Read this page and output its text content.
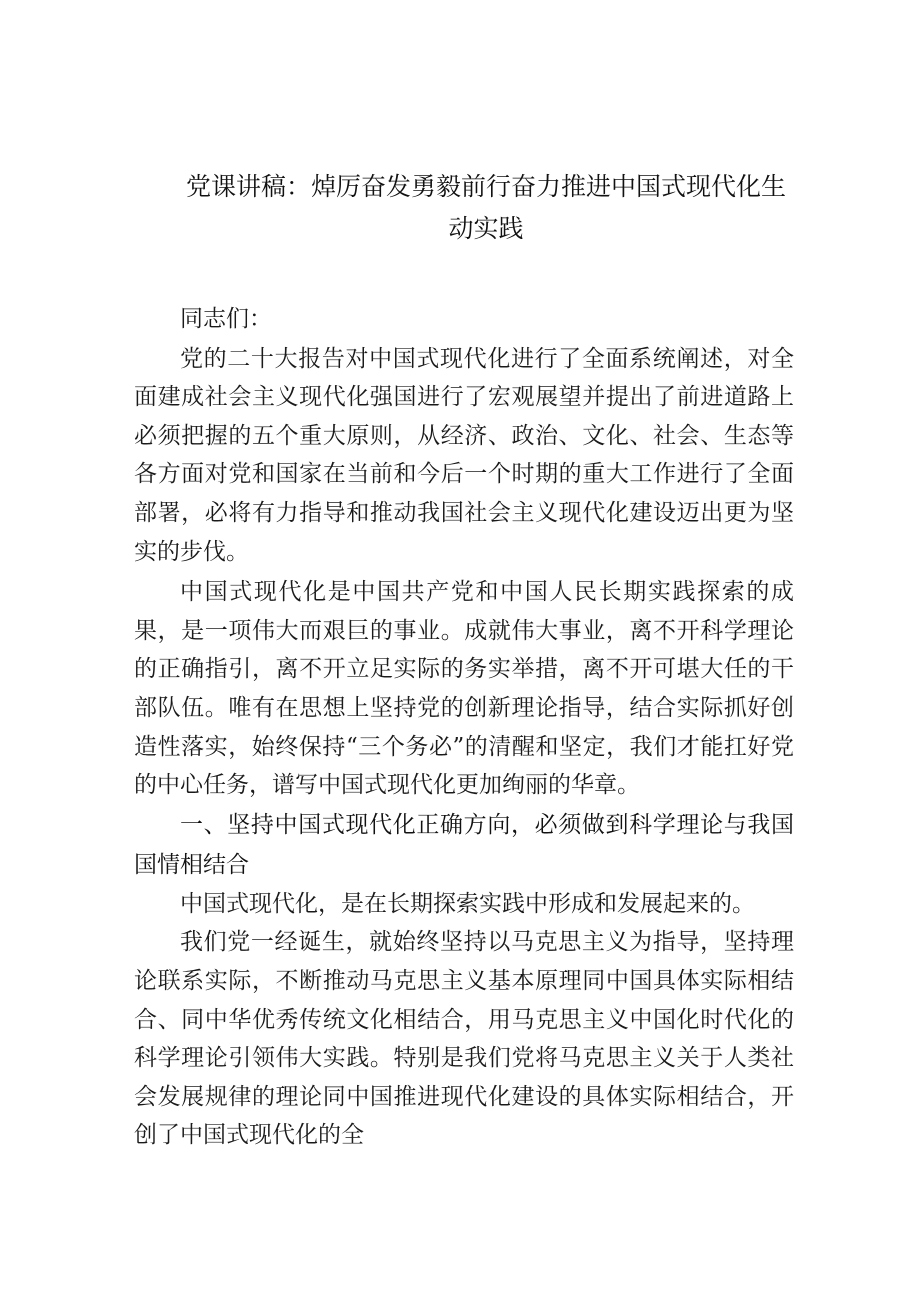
党课讲稿：焯厉奋发勇毅前行奋力推进中国式现代化生动实践

同志们：

党的二十大报告对中国式现代化进行了全面系统阐述，对全面建成社会主义现代化强国进行了宏观展望并提出了前进道路上必须把握的五个重大原则，从经济、政治、文化、社会、生态等各方面对党和国家在当前和今后一个时期的重大工作进行了全面部署，必将有力指导和推动我国社会主义现代化建设迈出更为坚实的步伐。

中国式现代化是中国共产党和中国人民长期实践探索的成果，是一项伟大而艰巨的事业。成就伟大事业，离不开科学理论的正确指引，离不开立足实际的务实举措，离不开可堪大任的干部队伍。唯有在思想上坚持党的创新理论指导，结合实际抓好创造性落实，始终保持“三个务必”的清醒和坚定，我们才能扛好党的中心任务，谱写中国式现代化更加绚丽的华章。

一、坚持中国式现代化正确方向，必须做到科学理论与我国国情相结合

中国式现代化，是在长期探索实践中形成和发展起来的。

我们党一经诞生，就始终坚持以马克思主义为指导，坚持理论联系实际，不断推动马克思主义基本原理同中国具体实际相结合、同中华优秀传统文化相结合，用马克思主义中国化时代化的科学理论引领伟大实践。特别是我们党将马克思主义关于人类社会发展规律的理论同中国推进现代化建设的具体实际相结合，开创了中国式现代化的全
